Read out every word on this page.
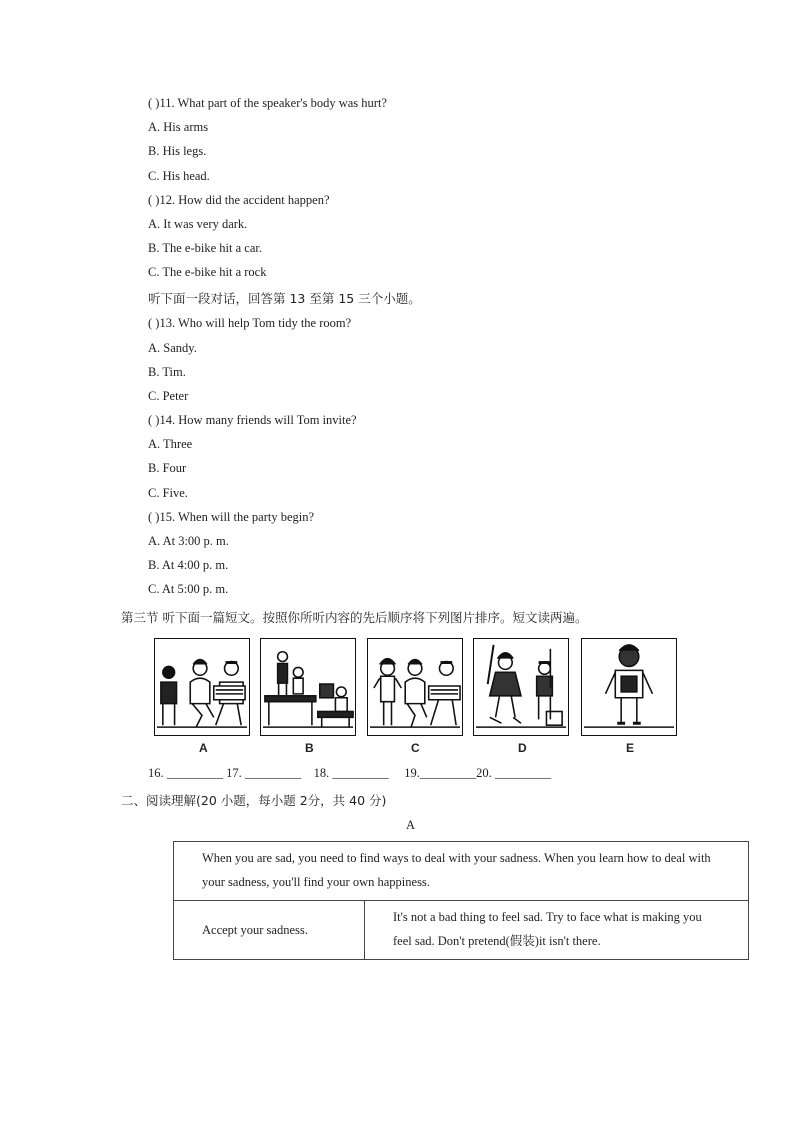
( )11. What part of the speaker's body was hurt?
A. His arms
B. His legs.
C. His head.
( )12. How did the accident happen?
A. It was very dark.
B. The e-bike hit a car.
C. The e-bike hit a rock
听下面一段对话，回答第 13 至第 15 三个小题。
( )13. Who will help Tom tidy the room?
A. Sandy.
B. Tim.
C. Peter
( )14. How many friends will Tom invite?
A. Three
B. Four
C. Five.
( )15. When will the party begin?
A. At 3:00 p. m.
B. At 4:00 p. m.
C. At 5:00 p. m.
第三节 听下面一篇短文。按照你所听内容的先后顺序将下列图片排序。短文读两遍。
A	B	C	D	E
16. _________ 17. _________    18. _________     19._________20. _________
二、阅读理解(20 小题，每小题 2分，共 40 分)
A
When you are sad, you need to find ways to deal with your sadness. When you learn how to deal with your sadness, you'll find your own happiness.
Accept your sadness.	It's not a bad thing to feel sad. Try to face what is making you feel sad. Don't pretend(假装)it isn't there.
